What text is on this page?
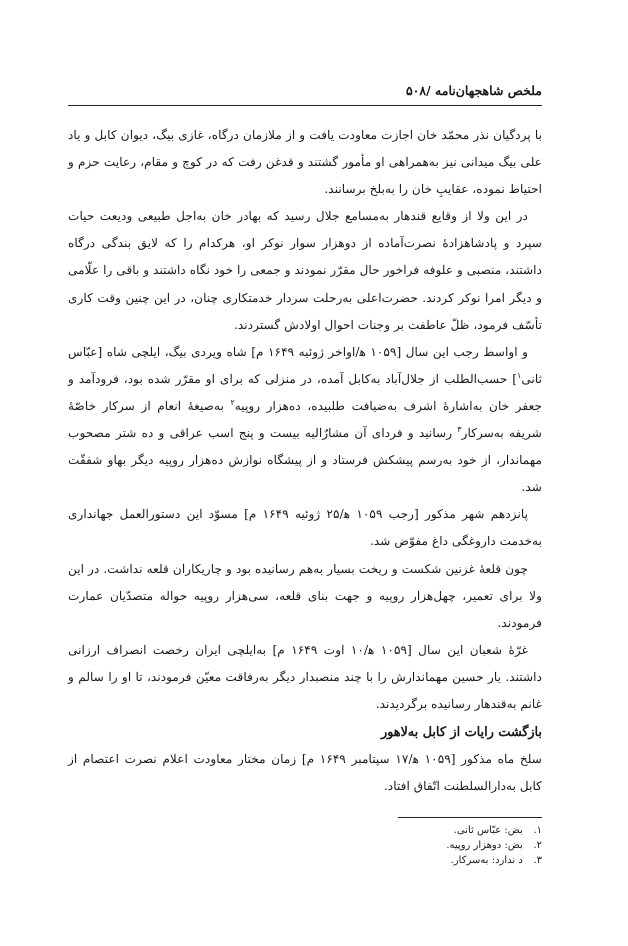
ملخص شاهجهان‌نامه /۵۰۸

با پردگیان نذر محمّد خان اجازت معاودت یافت و از ملازمان درگاه، غازی بیگ، دیوان کابل و یاد علی بیگ میدانی نیز به‌همراهی او مأمور گشتند و قدغن رفت که در کوچ و مقام، رعایت حزم و احتیاط نموده، عقایبِ خان را به‌بلخ برسانند.

در این ولا از وقایع قندهار به‌مسامع جلال رسید که بهادر خان به‌اجل طبیعی ودیعت حیات سپرد و پادشاهزادهٔ نصرت‌آماده از دوهزار سوار نوکر او، هرکدام را که لایق بندگی درگاه داشتند، منصبی و علوفه فراخور حال مقرّر نمودند و جمعی را خود نگاه داشتند و باقی را علّامی و دیگر امرا نوکر کردند. حضرت‌اعلی به‌رحلت سردار خدمتکاری چنان، در این چنین وقت کاری تأسّف فرمود، ظلّ عاطفت بر وجنات احوال اولادش گستردند.

و اواسط رجب این سال [۱۰۵۹ ه‍/اواخر ژوئیه ۱۶۴۹ م] شاه ویردی بیگ، ایلچی شاه [عبّاس ثانی$^۱$] حسب‌الطلب از جلال‌آباد به‌کابل آمده، در منزلی که برای او مقرّر شده بود، فرودآمد و جعفر خان به‌اشارهٔ اشرف به‌ضیافت طلبیده، ده‌هزار روپیه$^۲$ به‌صیغهٔ انعام از سرکار خاصّهٔ شریفه به‌سرکار$^۳$ رسانید و فردای آن مشارٌالیه بیست و پنج اسب عراقی و ده شتر مصحوب مهماندار، از خود به‌رسم پیشکش فرستاد و از پیشگاه نوازش ده‌هزار روپیه دیگر بهاو شفقّت شد.

پانزدهم شهر مذکور [رجب ۱۰۵۹ ه‍/۲۵ ژوئیه ۱۶۴۹ م] مسوّد این دستورالعمل جهانداری به‌خدمت داروغگی داغ مفوّض شد.

چون قلعهٔ غزنین شکست و ریخت بسیار به‌هم رسانیده بود و چاریکاران قلعه نداشت. در این ولا برای تعمیر، چهل‌هزار روپیه و جهت بنای قلعه، سی‌هزار روپیه حواله متصدّیان عمارت فرمودند.

غرّهٔ شعبان این سال [۱۰۵۹ ه‍/۱۰ اوت ۱۶۴۹ م] به‌ایلچی ایران رخصت انصراف ارزانی داشتند. یار حسین مهماندارش را با چند منصبدار دیگر به‌رفاقت معیّن فرمودند، تا او را سالم و غانم به‌قندهار رسانیده برگردیدند.

بازگشت رایات از کابل به‌لاهور

سلخ ماه مذکور [۱۰۵۹ ه‍/۱۷ سپتامبر ۱۶۴۹ م] زمان مختار معاودت اعلام نصرت اعتصام از کابل به‌دارالسلطنت اتّفاق افتاد.

۱. بض: عبّاس ثانی.

۲. بض: دوهزار روپیه.

۳. د ندارد: به‌سرکار.
